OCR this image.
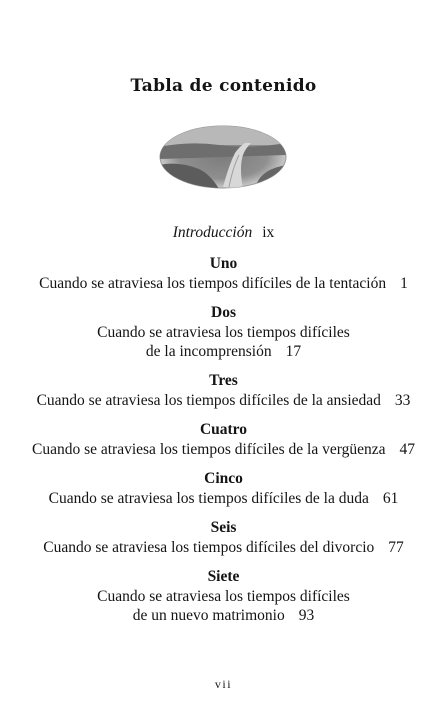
Tabla de contenido
Introducción ix
Uno
Cuando se atraviesa los tiempos difíciles de la tentación 1
Dos
Cuando se atraviesa los tiempos difíciles
de la incomprensión 17
Tres
Cuando se atraviesa los tiempos difíciles de la ansiedad 33
Cuatro
Cuando se atraviesa los tiempos difíciles de la vergüenza 47
Cinco
Cuando se atraviesa los tiempos difíciles de la duda 61
Seis
Cuando se atraviesa los tiempos difíciles del divorcio 77
Siete
Cuando se atraviesa los tiempos difíciles
de un nuevo matrimonio 93
vii
